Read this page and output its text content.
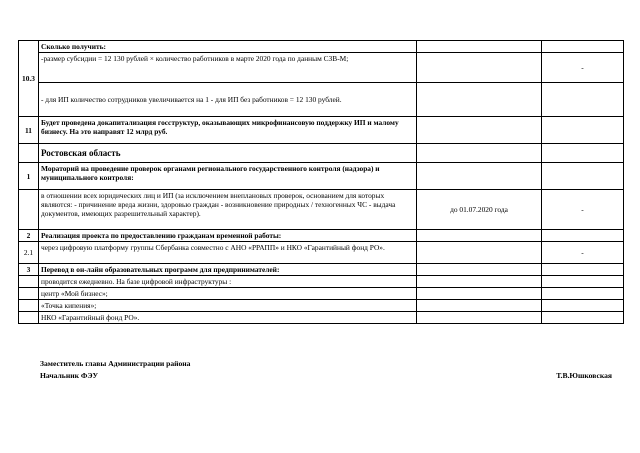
10.3	Сколько получить:		
	-размер субсидии = 12 130 рублей × количество работников в марте 2020 года по данным СЗВ-М;		-
	- для ИП количество сотрудников увеличивается на 1 - для ИП без работников = 12 130 рублей.		
11	Будет проведена докапитализация госструктур, оказывающих микрофинансовую поддержку ИП и малому бизнесу. На это направят 12 млрд руб.		
	Ростовская область		
1	Мораторий на проведение проверок органами регионального государственного контроля (надзора) и муниципального контроля:		
	в отношении всех юридических лиц и ИП (за исключением внеплановых проверок, основанием для которых являются: - причинение вреда жизни, здоровью граждан - возникновение природных / техногенных ЧС - выдача документов, имеющих разрешительный характер).	до 01.07.2020 года	-
2	Реализация проекта по предоставлению гражданам временной работы:		
2.1	через цифровую платформу группы Сбербанка совместно с АНО «РРАПП» и НКО «Гарантийный фонд РО».		-
3	Перевод в он-лайн образовательных программ для предпринимателей:		
	проводится ежедневно. На базе цифровой инфраструктуры :		
	центр «Мой бизнес»;		
	«Точка кипения»;		
	НКО «Гарантийный фонд РО».		
Заместитель главы Администрации района
Начальник ФЭУ	Т.В.Юшковская
